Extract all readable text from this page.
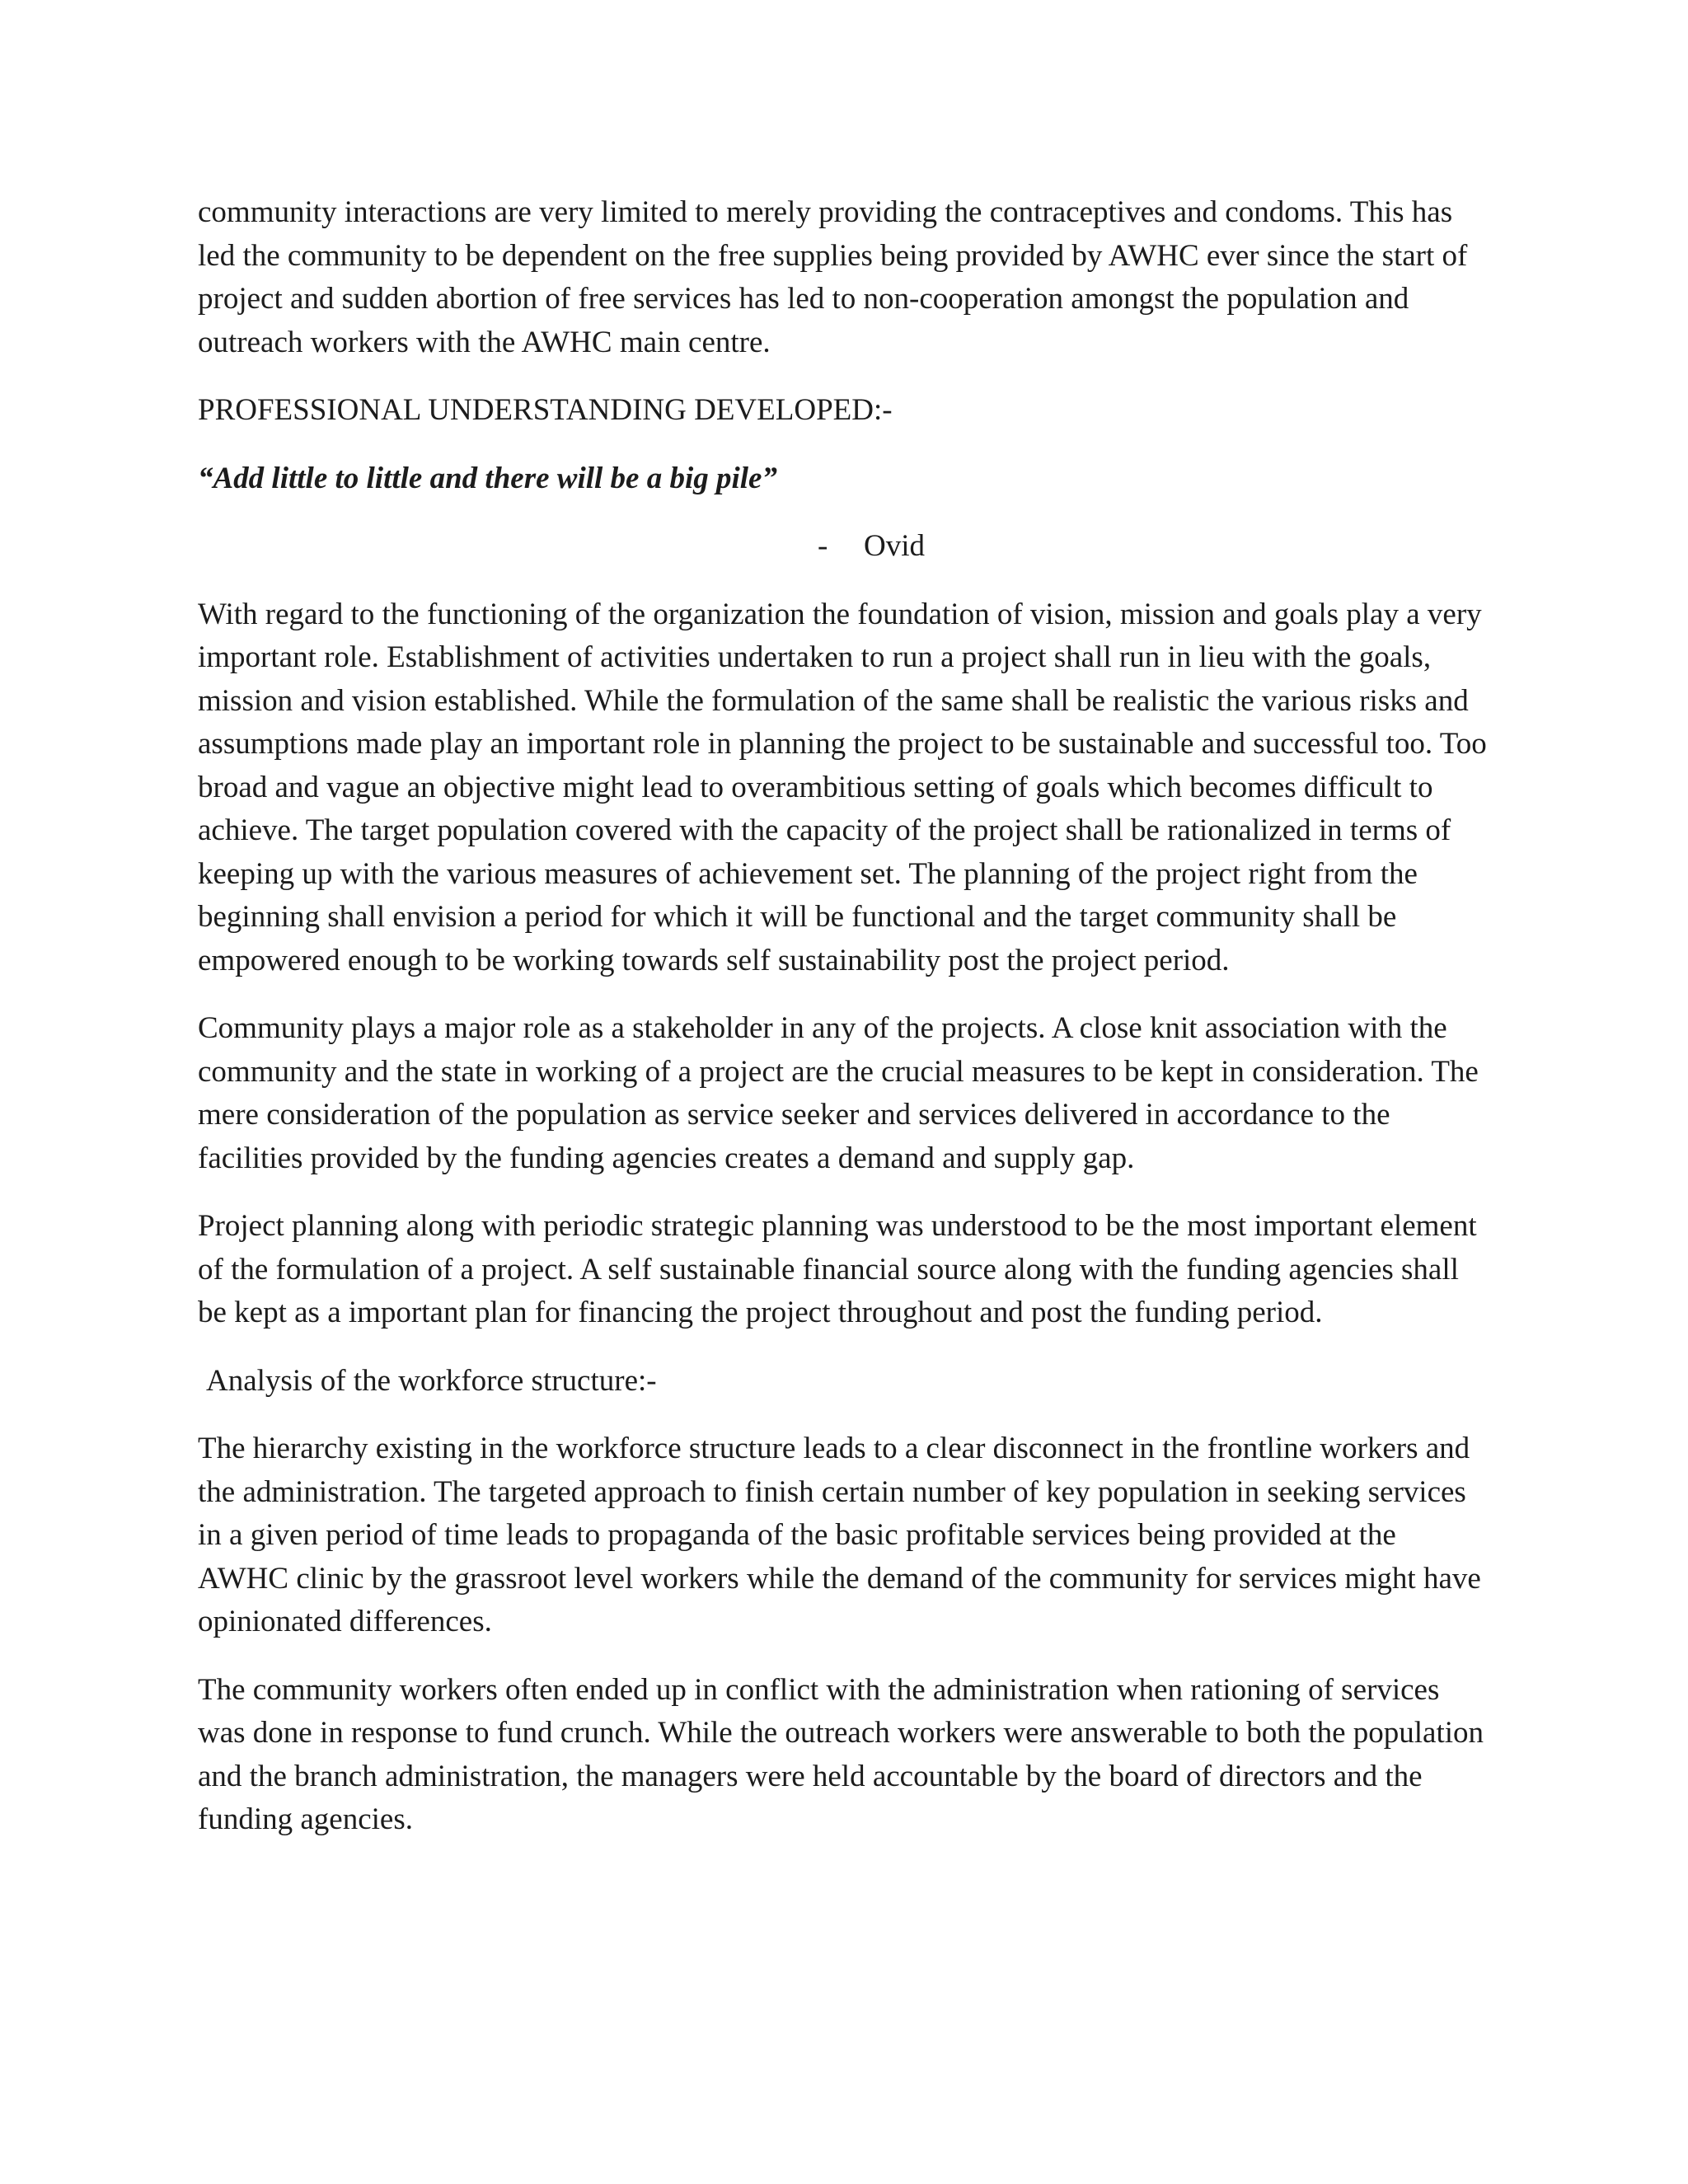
community interactions are very limited to merely providing the contraceptives and condoms. This has led the community to be dependent on the free supplies being provided by AWHC ever since the start of project and sudden abortion of free services has led to non-cooperation amongst the population and outreach workers with the AWHC main centre.

PROFESSIONAL UNDERSTANDING DEVELOPED:-
“Add little to little and there will be a big pile”
- Ovid

With regard to the functioning of the organization the foundation of vision, mission and goals play a very important role. Establishment of activities undertaken to run a project shall run in lieu with the goals, mission and vision established. While the formulation of the same shall be realistic the various risks and assumptions made play an important role in planning the project to be sustainable and successful too. Too broad and vague an objective might lead to overambitious setting of goals which becomes difficult to achieve. The target population covered with the capacity of the project shall be rationalized in terms of keeping up with the various measures of achievement set. The planning of the project right from the beginning shall envision a period for which it will be functional and the target community shall be empowered enough to be working towards self sustainability post the project period.

Community plays a major role as a stakeholder in any of the projects. A close knit association with the community and the state in working of a project are the crucial measures to be kept in consideration. The mere consideration of the population as service seeker and services delivered in accordance to the facilities provided by the funding agencies creates a demand and supply gap.

Project planning along with periodic strategic planning was understood to be the most important element of the formulation of a project. A self sustainable financial source along with the funding agencies shall be kept as a important plan for financing the project throughout and post the funding period.

Analysis of the workforce structure:-

The hierarchy existing in the workforce structure leads to a clear disconnect in the frontline workers and the administration. The targeted approach to finish certain number of key population in seeking services in a given period of time leads to propaganda of the basic profitable services being provided at the AWHC clinic by the grassroot level workers while the demand of the community for services might have opinionated differences.

The community workers often ended up in conflict with the administration when rationing of services was done in response to fund crunch. While the outreach workers were answerable to both the population and the branch administration, the managers were held accountable by the board of directors and the funding agencies.
